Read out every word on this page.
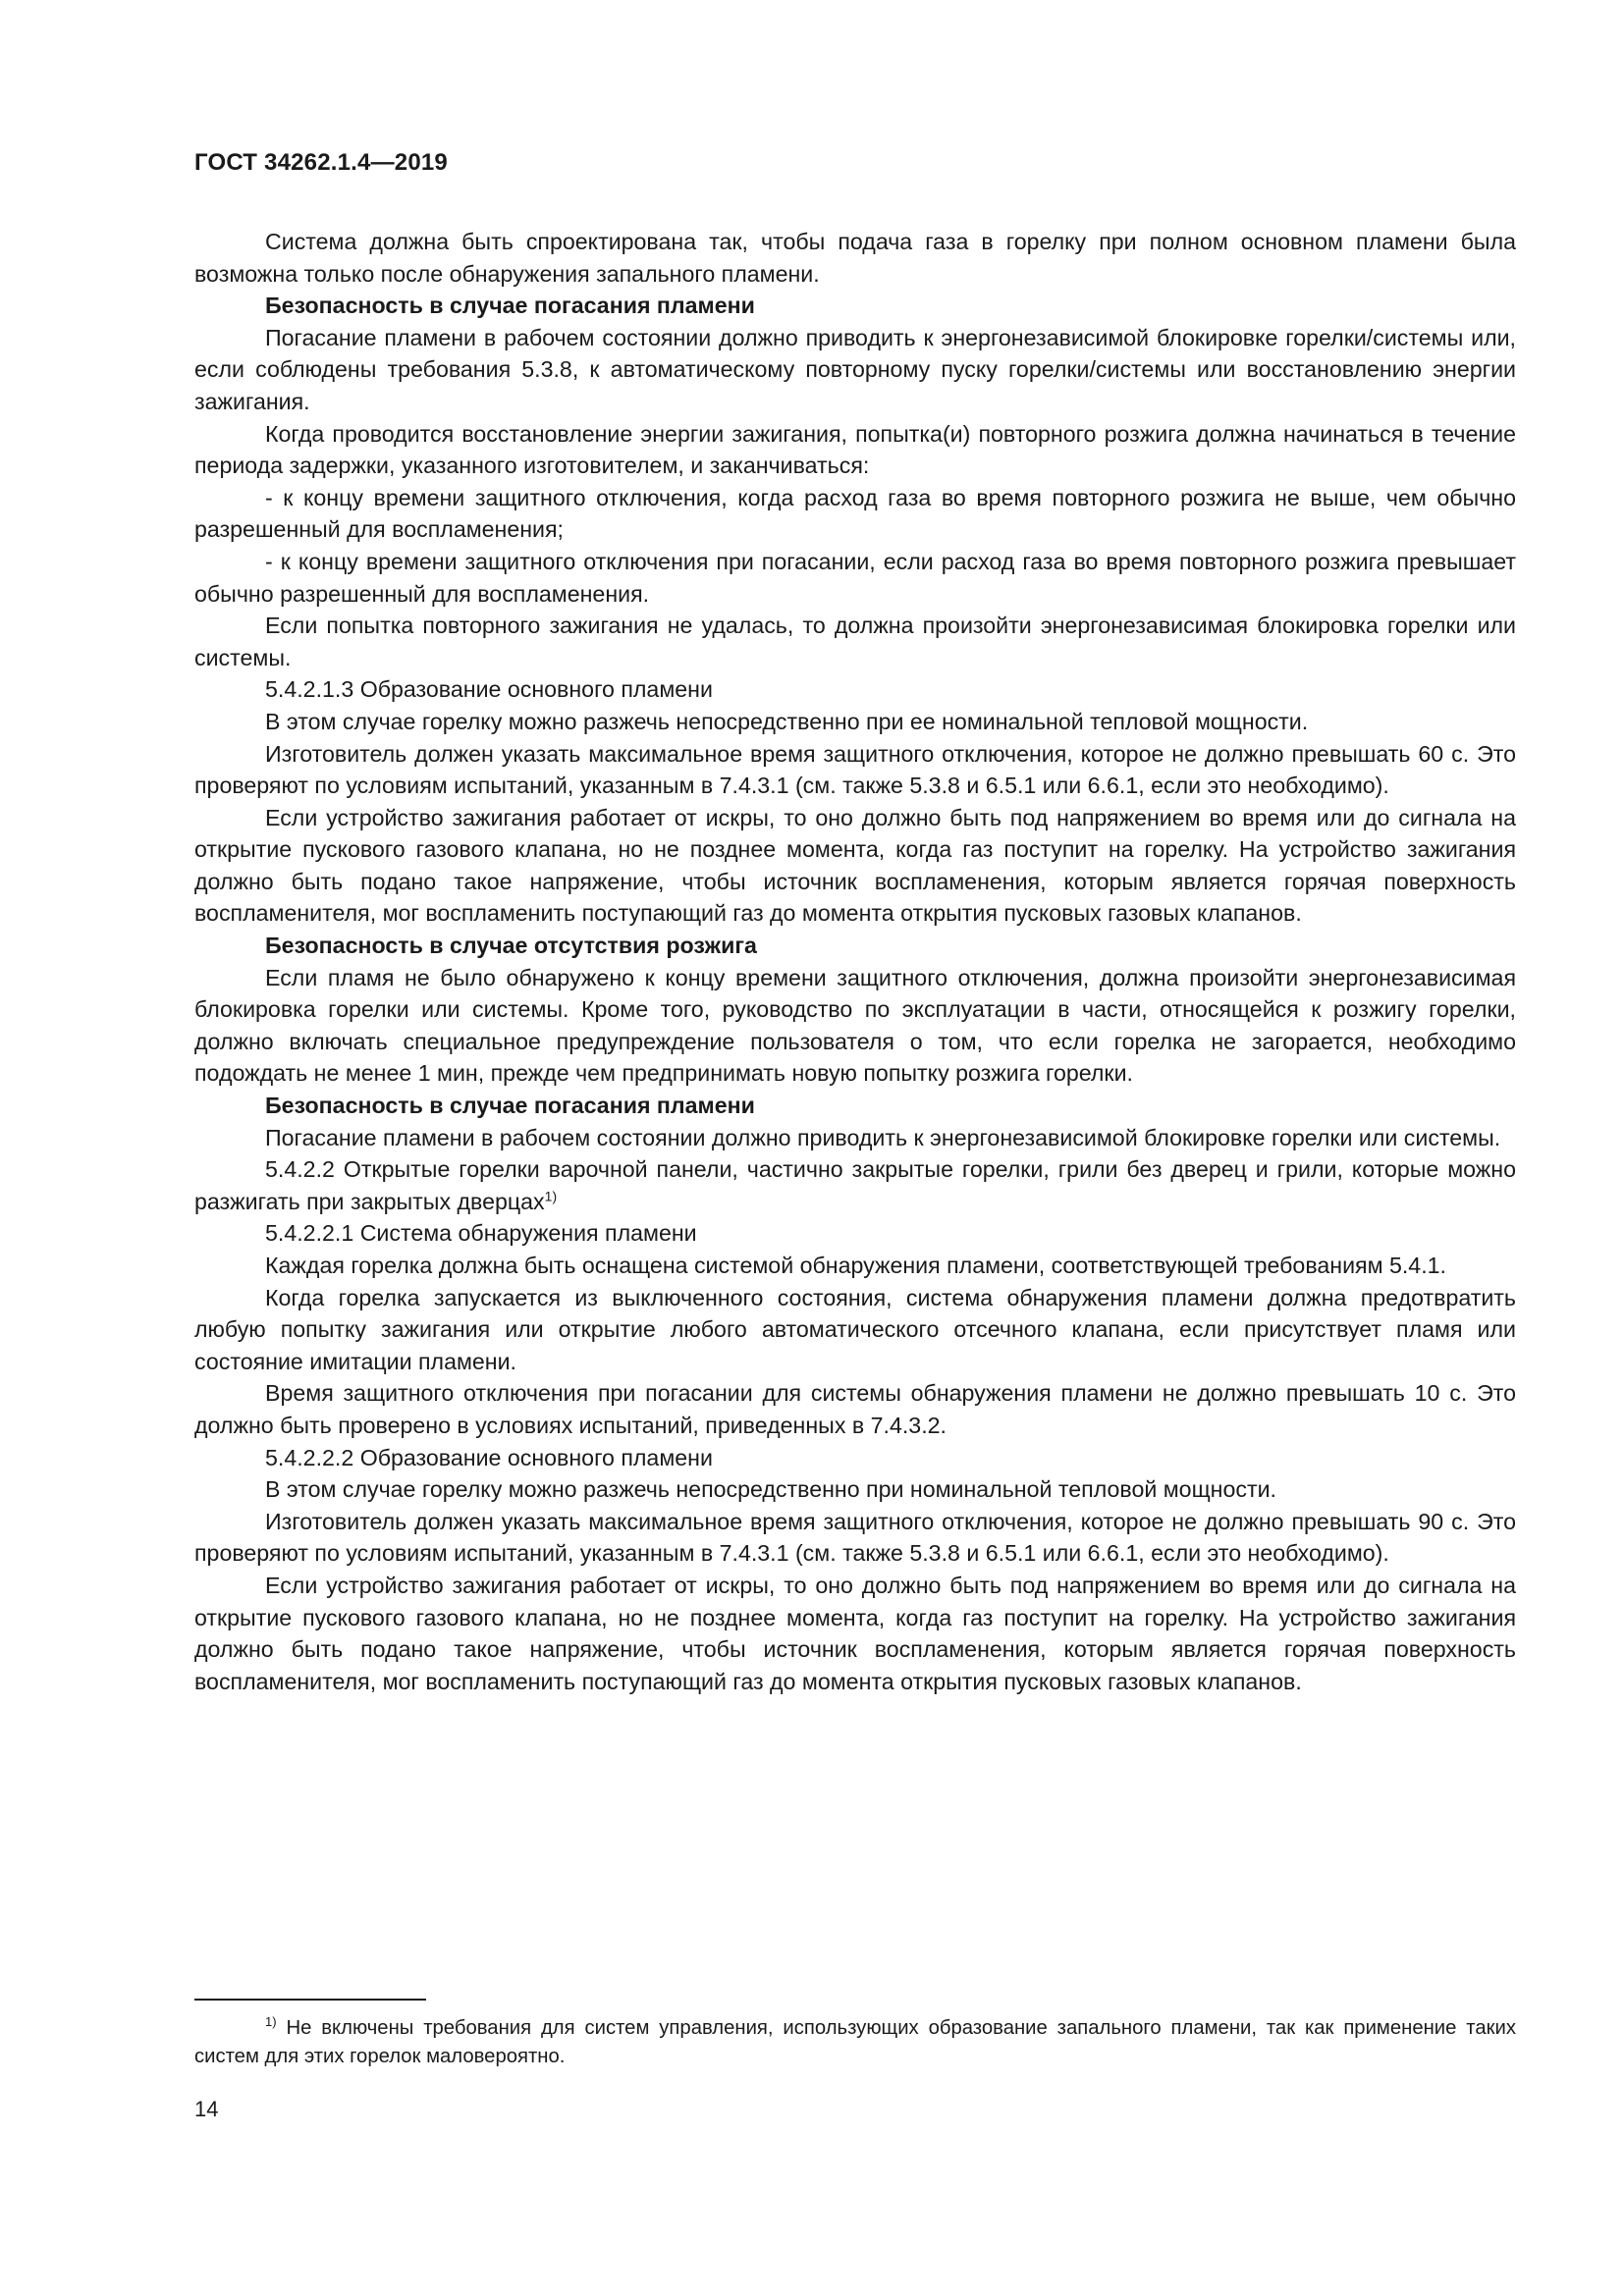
ГОСТ 34262.1.4—2019

Система должна быть спроектирована так, чтобы подача газа в горелку при полном основном пламени была возможна только после обнаружения запального пламени.

Безопасность в случае погасания пламени

Погасание пламени в рабочем состоянии должно приводить к энергонезависимой блокировке горелки/системы или, если соблюдены требования 5.3.8, к автоматическому повторному пуску горелки/системы или восстановлению энергии зажигания.

Когда проводится восстановление энергии зажигания, попытка(и) повторного розжига должна начинаться в течение периода задержки, указанного изготовителем, и заканчиваться:

- к концу времени защитного отключения, когда расход газа во время повторного розжига не выше, чем обычно разрешенный для воспламенения;

- к концу времени защитного отключения при погасании, если расход газа во время повторного розжига превышает обычно разрешенный для воспламенения.

Если попытка повторного зажигания не удалась, то должна произойти энергонезависимая блокировка горелки или системы.

5.4.2.1.3 Образование основного пламени

В этом случае горелку можно разжечь непосредственно при ее номинальной тепловой мощности.

Изготовитель должен указать максимальное время защитного отключения, которое не должно превышать 60 с. Это проверяют по условиям испытаний, указанным в 7.4.3.1 (см. также 5.3.8 и 6.5.1 или 6.6.1, если это необходимо).

Если устройство зажигания работает от искры, то оно должно быть под напряжением во время или до сигнала на открытие пускового газового клапана, но не позднее момента, когда газ поступит на горелку. На устройство зажигания должно быть подано такое напряжение, чтобы источник воспламенения, которым является горячая поверхность воспламенителя, мог воспламенить поступающий газ до момента открытия пусковых газовых клапанов.

Безопасность в случае отсутствия розжига

Если пламя не было обнаружено к концу времени защитного отключения, должна произойти энергонезависимая блокировка горелки или системы. Кроме того, руководство по эксплуатации в части, относящейся к розжигу горелки, должно включать специальное предупреждение пользователя о том, что если горелка не загорается, необходимо подождать не менее 1 мин, прежде чем предпринимать новую попытку розжига горелки.

Безопасность в случае погасания пламени

Погасание пламени в рабочем состоянии должно приводить к энергонезависимой блокировке горелки или системы.

5.4.2.2 Открытые горелки варочной панели, частично закрытые горелки, грили без дверец и грили, которые можно разжигать при закрытых дверцах$^{1)}$

5.4.2.2.1 Система обнаружения пламени

Каждая горелка должна быть оснащена системой обнаружения пламени, соответствующей требованиям 5.4.1.

Когда горелка запускается из выключенного состояния, система обнаружения пламени должна предотвратить любую попытку зажигания или открытие любого автоматического отсечного клапана, если присутствует пламя или состояние имитации пламени.

Время защитного отключения при погасании для системы обнаружения пламени не должно превышать 10 с. Это должно быть проверено в условиях испытаний, приведенных в 7.4.3.2.

5.4.2.2.2 Образование основного пламени

В этом случае горелку можно разжечь непосредственно при номинальной тепловой мощности.

Изготовитель должен указать максимальное время защитного отключения, которое не должно превышать 90 с. Это проверяют по условиям испытаний, указанным в 7.4.3.1 (см. также 5.3.8 и 6.5.1 или 6.6.1, если это необходимо).

Если устройство зажигания работает от искры, то оно должно быть под напряжением во время или до сигнала на открытие пускового газового клапана, но не позднее момента, когда газ поступит на горелку. На устройство зажигания должно быть подано такое напряжение, чтобы источник воспламенения, которым является горячая поверхность воспламенителя, мог воспламенить поступающий газ до момента открытия пусковых газовых клапанов.

$^{1)}$ Не включены требования для систем управления, использующих образование запального пламени, так как применение таких систем для этих горелок маловероятно.

14
